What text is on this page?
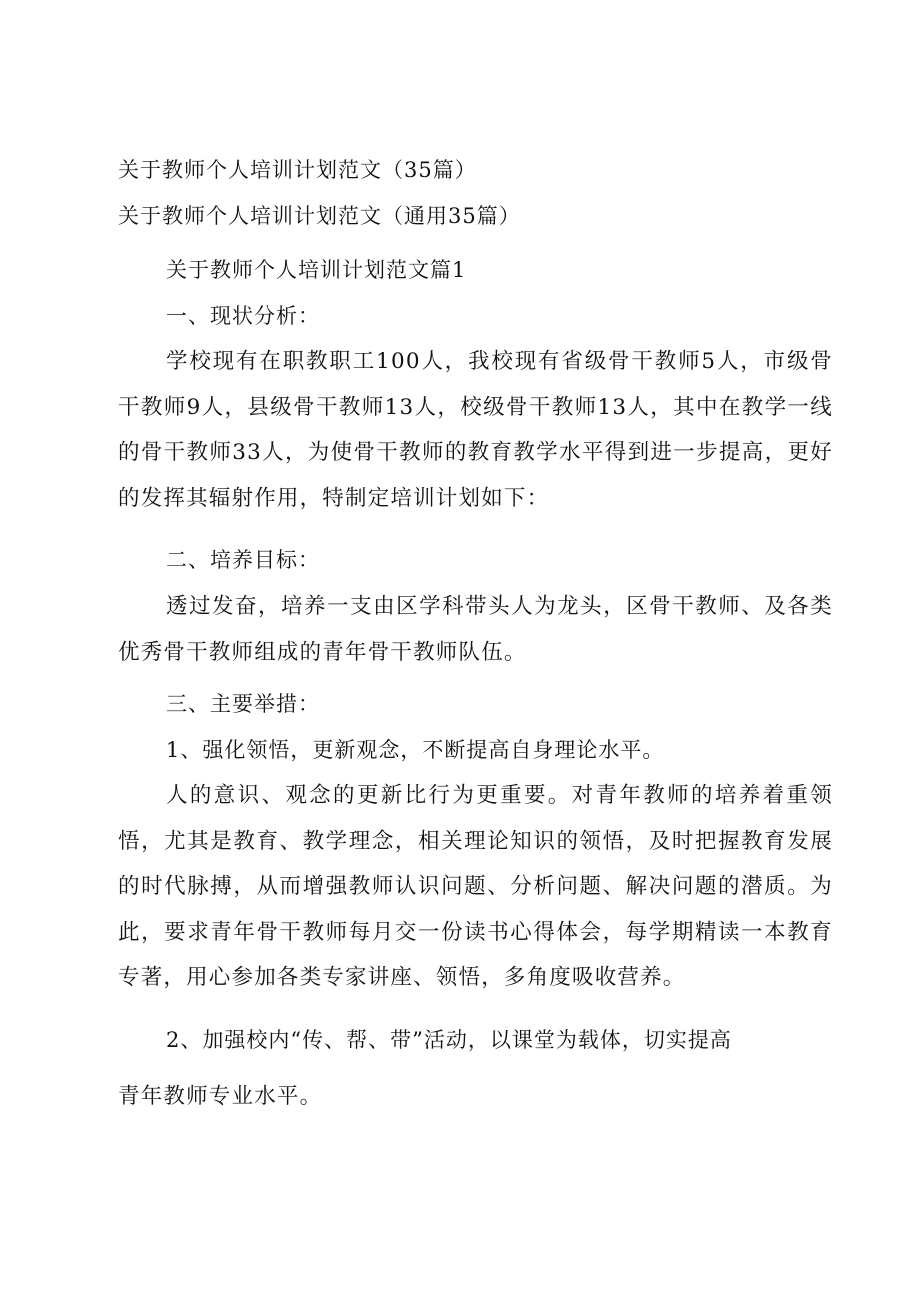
关于教师个人培训计划范文（35篇）
关于教师个人培训计划范文（通用35篇）
关于教师个人培训计划范文篇1
一、现状分析：
学校现有在职教职工100人，我校现有省级骨干教师5人，市级骨干教师9人，县级骨干教师13人，校级骨干教师13人，其中在教学一线的骨干教师33人，为使骨干教师的教育教学水平得到进一步提高，更好的发挥其辐射作用，特制定培训计划如下：
二、培养目标：
透过发奋，培养一支由区学科带头人为龙头，区骨干教师、及各类优秀骨干教师组成的青年骨干教师队伍。
三、主要举措：
1、强化领悟，更新观念，不断提高自身理论水平。
人的意识、观念的更新比行为更重要。对青年教师的培养着重领悟，尤其是教育、教学理念，相关理论知识的领悟，及时把握教育发展的时代脉搏，从而增强教师认识问题、分析问题、解决问题的潜质。为此，要求青年骨干教师每月交一份读书心得体会，每学期精读一本教育专著，用心参加各类专家讲座、领悟，多角度吸收营养。
2、加强校内“传、帮、带”活动，以课堂为载体，切实提高
青年教师专业水平。
